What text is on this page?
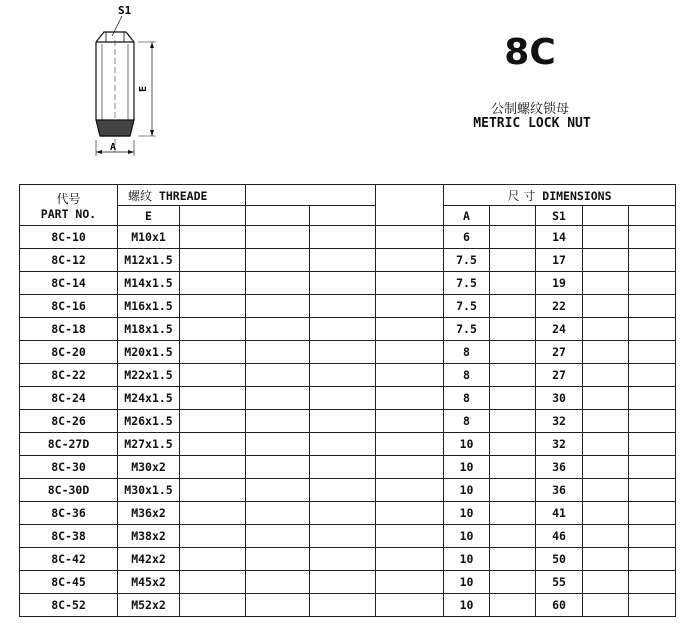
S1
E
A
8C
公制螺纹锁母
METRIC LOCK NUT
代号
PART NO.	螺纹 THREADE					尺 寸 DIMENSIONS				
	E					A		S1		
8C-10	M10x1					6		14		
8C-12	M12x1.5					7.5		17		
8C-14	M14x1.5					7.5		19		
8C-16	M16x1.5					7.5		22		
8C-18	M18x1.5					7.5		24		
8C-20	M20x1.5					8		27		
8C-22	M22x1.5					8		27		
8C-24	M24x1.5					8		30		
8C-26	M26x1.5					8		32		
8C-27D	M27x1.5					10		32		
8C-30	M30x2					10		36		
8C-30D	M30x1.5					10		36		
8C-36	M36x2					10		41		
8C-38	M38x2					10		46		
8C-42	M42x2					10		50		
8C-45	M45x2					10		55		
8C-52	M52x2					10		60		
